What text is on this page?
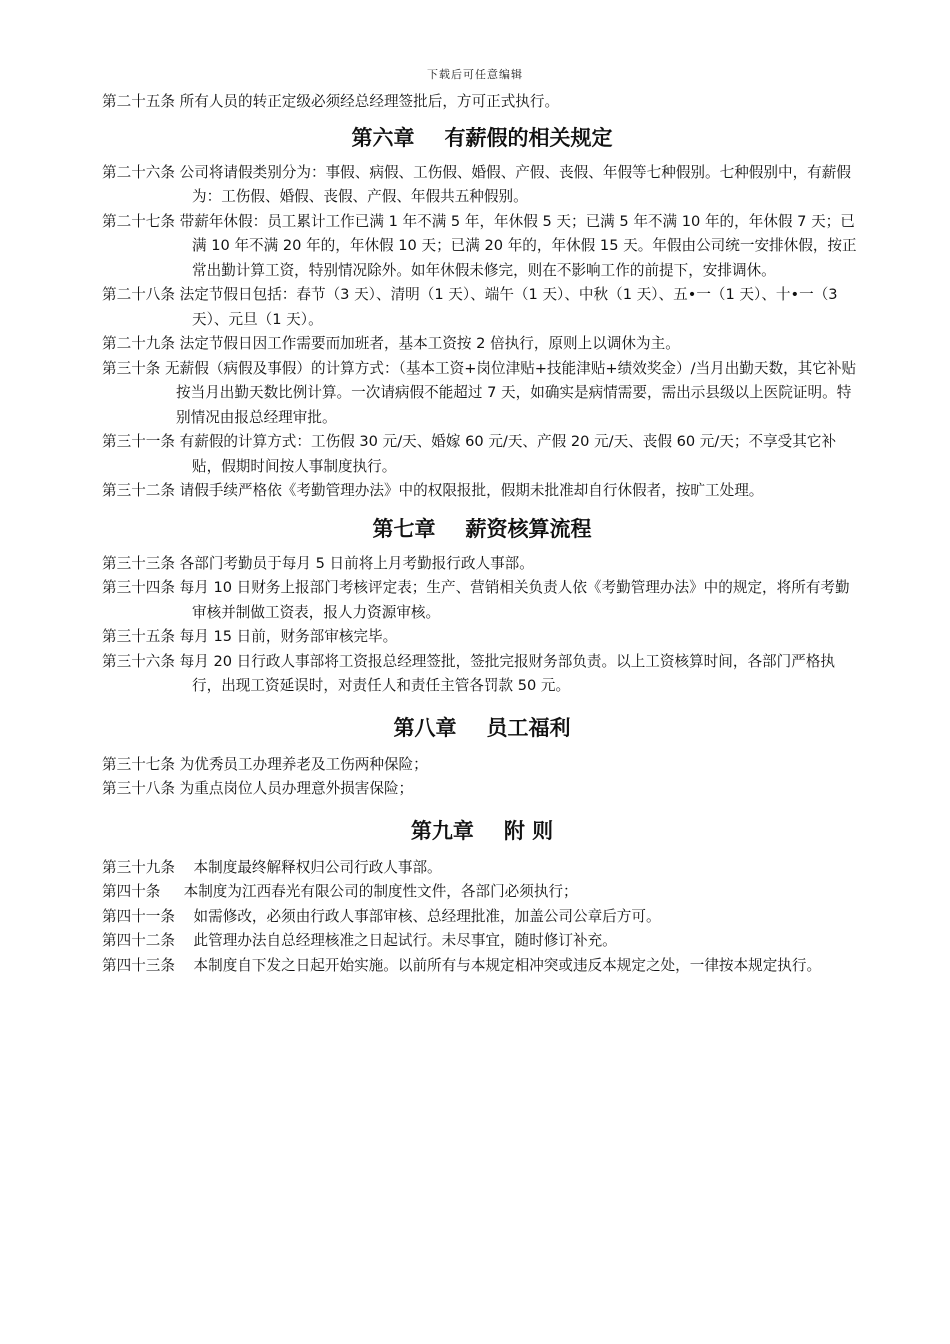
下载后可任意编辑

第二十五条 所有人员的转正定级必须经总经理签批后，方可正式执行。

第六章 有薪假的相关规定

第二十六条 公司将请假类别分为：事假、病假、工伤假、婚假、产假、丧假、年假等七种假别。七种假别中，有薪假为：工伤假、婚假、丧假、产假、年假共五种假别。

第二十七条 带薪年休假：员工累计工作已满 1 年不满 5 年，年休假 5 天；已满 5 年不满 10 年的，年休假 7 天；已满 10 年不满 20 年的，年休假 10 天；已满 20 年的，年休假 15 天。年假由公司统一安排休假，按正常出勤计算工资，特别情况除外。如年休假未修完，则在不影响工作的前提下，安排调休。

第二十八条 法定节假日包括：春节（3 天）、清明（1 天）、端午（1 天）、中秋（1 天）、五•一（1 天）、十•一（3 天）、元旦（1 天）。

第二十九条 法定节假日因工作需要而加班者，基本工资按 2 倍执行，原则上以调休为主。

第三十条 无薪假（病假及事假）的计算方式：（基本工资+岗位津贴+技能津贴+绩效奖金）/当月出勤天数，其它补贴按当月出勤天数比例计算。一次请病假不能超过 7 天，如确实是病情需要，需出示县级以上医院证明。特别情况由报总经理审批。

第三十一条 有薪假的计算方式：工伤假 30 元/天、婚嫁 60 元/天、产假 20 元/天、丧假 60 元/天；不享受其它补贴，假期时间按人事制度执行。

第三十二条 请假手续严格依《考勤管理办法》中的权限报批，假期未批准却自行休假者，按旷工处理。

第七章 薪资核算流程

第三十三条 各部门考勤员于每月 5 日前将上月考勤报行政人事部。

第三十四条 每月 10 日财务上报部门考核评定表；生产、营销相关负责人依《考勤管理办法》中的规定，将所有考勤审核并制做工资表，报人力资源审核。

第三十五条 每月 15 日前，财务部审核完毕。

第三十六条 每月 20 日行政人事部将工资报总经理签批，签批完报财务部负责。以上工资核算时间，各部门严格执行，出现工资延误时，对责任人和责任主管各罚款 50 元。

第八章 员工福利

第三十七条 为优秀员工办理养老及工伤两种保险；

第三十八条 为重点岗位人员办理意外损害保险；

第九章 附 则

第三十九条 本制度最终解释权归公司行政人事部。

第四十条 本制度为江西春光有限公司的制度性文件，各部门必须执行；

第四十一条 如需修改，必须由行政人事部审核、总经理批准，加盖公司公章后方可。

第四十二条 此管理办法自总经理核准之日起试行。未尽事宜，随时修订补充。

第四十三条 本制度自下发之日起开始实施。以前所有与本规定相冲突或违反本规定之处，一律按本规定执行。
